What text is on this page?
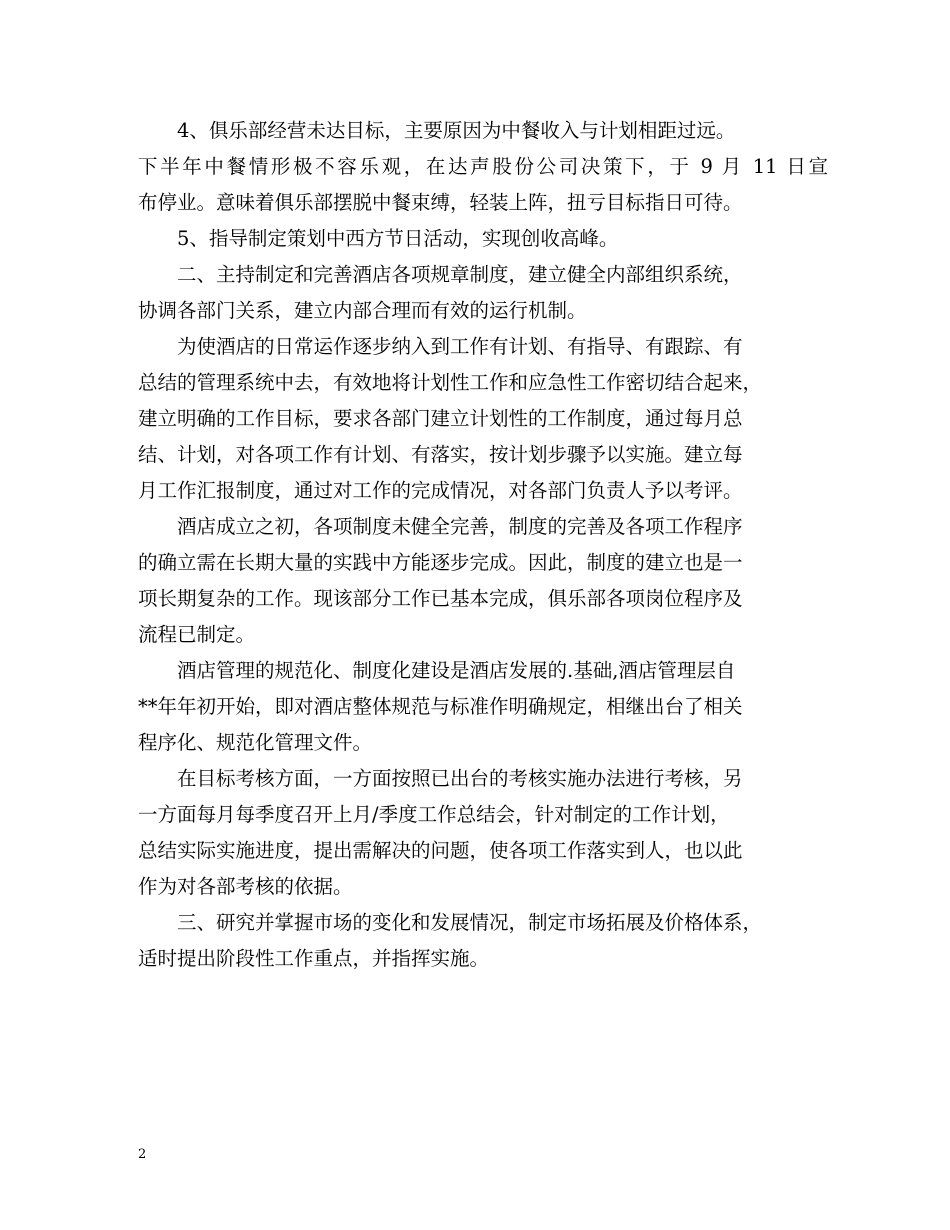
4、俱乐部经营未达目标，主要原因为中餐收入与计划相距过远。
下半年中餐情形极不容乐观，在达声股份公司决策下，于 9 月 11 日宣
布停业。意味着俱乐部摆脱中餐束缚，轻装上阵，扭亏目标指日可待。
5、指导制定策划中西方节日活动，实现创收高峰。
二、主持制定和完善酒店各项规章制度，建立健全内部组织系统，
协调各部门关系，建立内部合理而有效的运行机制。
为使酒店的日常运作逐步纳入到工作有计划、有指导、有跟踪、有
总结的管理系统中去，有效地将计划性工作和应急性工作密切结合起来，
建立明确的工作目标，要求各部门建立计划性的工作制度，通过每月总
结、计划，对各项工作有计划、有落实，按计划步骤予以实施。建立每
月工作汇报制度，通过对工作的完成情况，对各部门负责人予以考评。
酒店成立之初，各项制度未健全完善，制度的完善及各项工作程序
的确立需在长期大量的实践中方能逐步完成。因此，制度的建立也是一
项长期复杂的工作。现该部分工作已基本完成，俱乐部各项岗位程序及
流程已制定。
酒店管理的规范化、制度化建设是酒店发展的.基础,酒店管理层自
**年年初开始，即对酒店整体规范与标准作明确规定，相继出台了相关
程序化、规范化管理文件。
在目标考核方面，一方面按照已出台的考核实施办法进行考核，另
一方面每月每季度召开上月/季度工作总结会，针对制定的工作计划，
总结实际实施进度，提出需解决的问题，使各项工作落实到人，也以此
作为对各部考核的依据。
三、研究并掌握市场的变化和发展情况，制定市场拓展及价格体系，
适时提出阶段性工作重点，并指挥实施。
2
